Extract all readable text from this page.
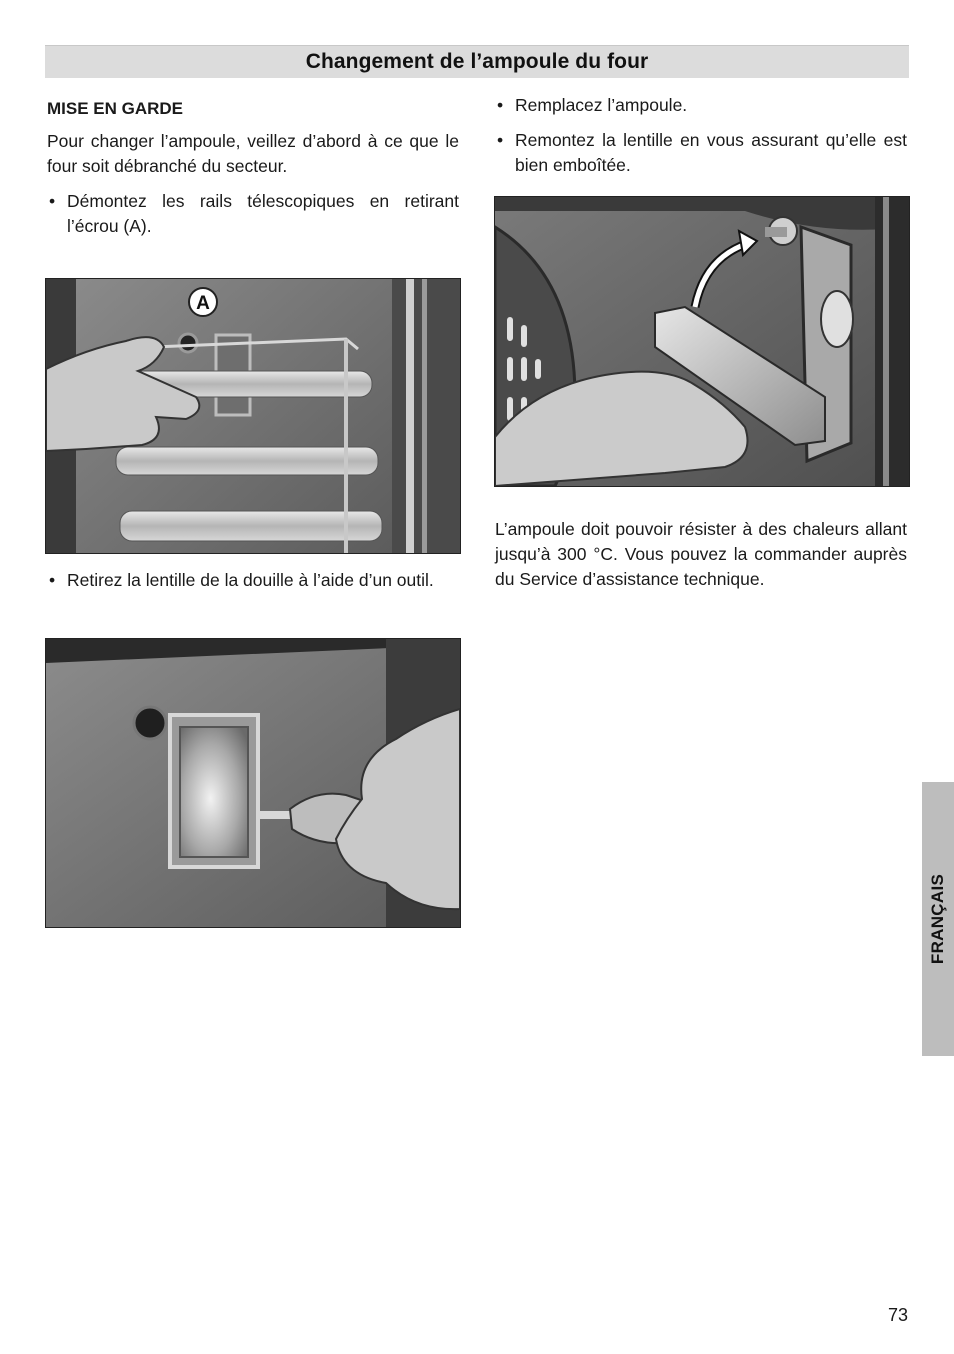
Changement de l’ampoule du four
MISE EN GARDE

Pour changer l’ampoule, veillez d’abord à ce que le four soit débranché du secteur.

• Démontez les rails télescopiques en retirant l’écrou (A).
• Retirez la lentille de la douille à l’aide d’un outil.
• Remplacez l’ampoule.
• Remontez la lentille en vous assurant qu’elle est bien emboîtée.

L’ampoule doit pouvoir résister à des chaleurs allant jusqu’à 300 °C. Vous pouvez la commander auprès du Service d’assistance technique.

A
FRANÇAIS
73
